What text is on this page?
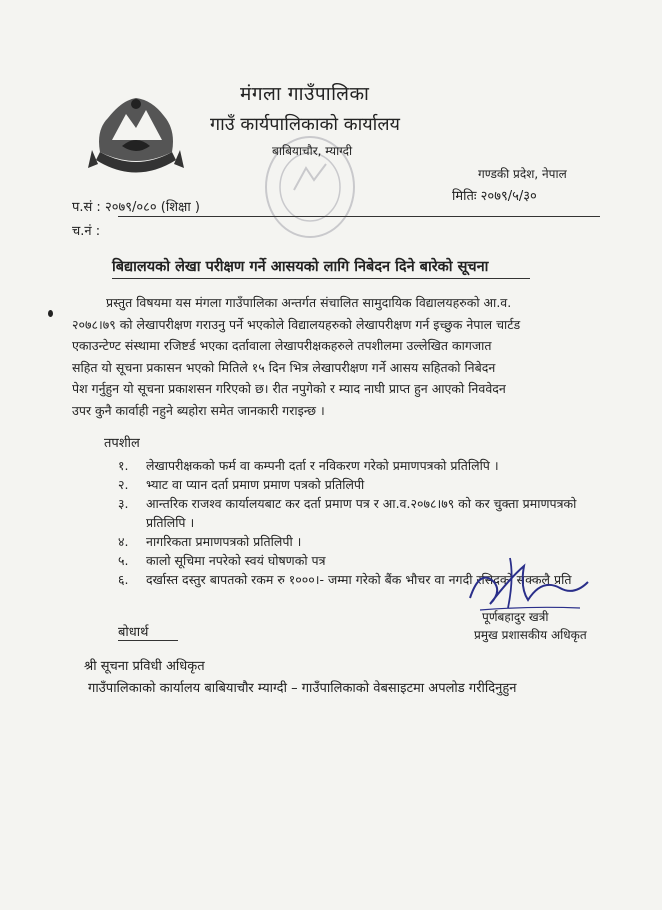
मंगला गाउँपालिका
गाउँ कार्यपालिकाको कार्यालय
बाबियाचौर, म्याग्दी
गण्डकी प्रदेश, नेपाल
मितिः २०७९/५/३०
प.सं : २०७९/०८० (शिक्षा )
च.नं :
बिद्यालयको लेखा परीक्षण गर्ने आसयको लागि निबेदन दिने बारेको सूचना
प्रस्तुत विषयमा यस मंगला गाउँपालिका अन्तर्गत संचालित सामुदायिक विद्यालयहरुको आ.व.
२०७८।७९ को लेखापरीक्षण गराउनु पर्ने भएकोले विद्यालयहरुको लेखापरीक्षण गर्न इच्छुक नेपाल चार्टड
एकाउन्टेण्ट संस्थामा रजिष्टर्ड भएका दर्तावाला लेखापरीक्षकहरुले तपशीलमा उल्लेखित कागजात
सहित यो सूचना प्रकासन भएको मितिले १५ दिन भित्र लेखापरीक्षण गर्ने आसय सहितको निबेदन
पेश गर्नुहुन यो सूचना प्रकाशसन गरिएको छ। रीत नपुगेको र म्याद नाघी प्राप्त हुन आएको निववेदन
उपर कुनै कार्वाही नहुने ब्यहोरा समेत जानकारी गराइन्छ ।
तपशील
१.	लेखापरीक्षकको फर्म वा कम्पनी दर्ता र नविकरण गरेको प्रमाणपत्रको प्रतिलिपि ।
२.	भ्याट वा प्यान दर्ता प्रमाण प्रमाण पत्रको प्रतिलिपी
३.	आन्तरिक राजश्व कार्यालयबाट कर दर्ता प्रमाण पत्र र आ.व.२०७८।७९ को कर चुक्ता प्रमाणपत्रको प्रतिलिपि ।
४.	नागरिकता प्रमाणपत्रको प्रतिलिपी ।
५.	कालो सूचिमा नपरेको स्वयं घोषणको पत्र
६.	दर्खास्त दस्तुर बापतको रकम रु १०००।- जम्मा गरेको बैंक भौचर वा नगदी रसिदको सक्कलै प्रति
पूर्णबहादुर खत्री
प्रमुख प्रशासकीय अधिकृत
बोधार्थ
श्री सूचना प्रविधी अधिकृत
गाउँपालिकाको कार्यालय बाबियाचौर म्याग्दी – गाउँपालिकाको वेबसाइटमा अपलोड गरीदिनुहुन
